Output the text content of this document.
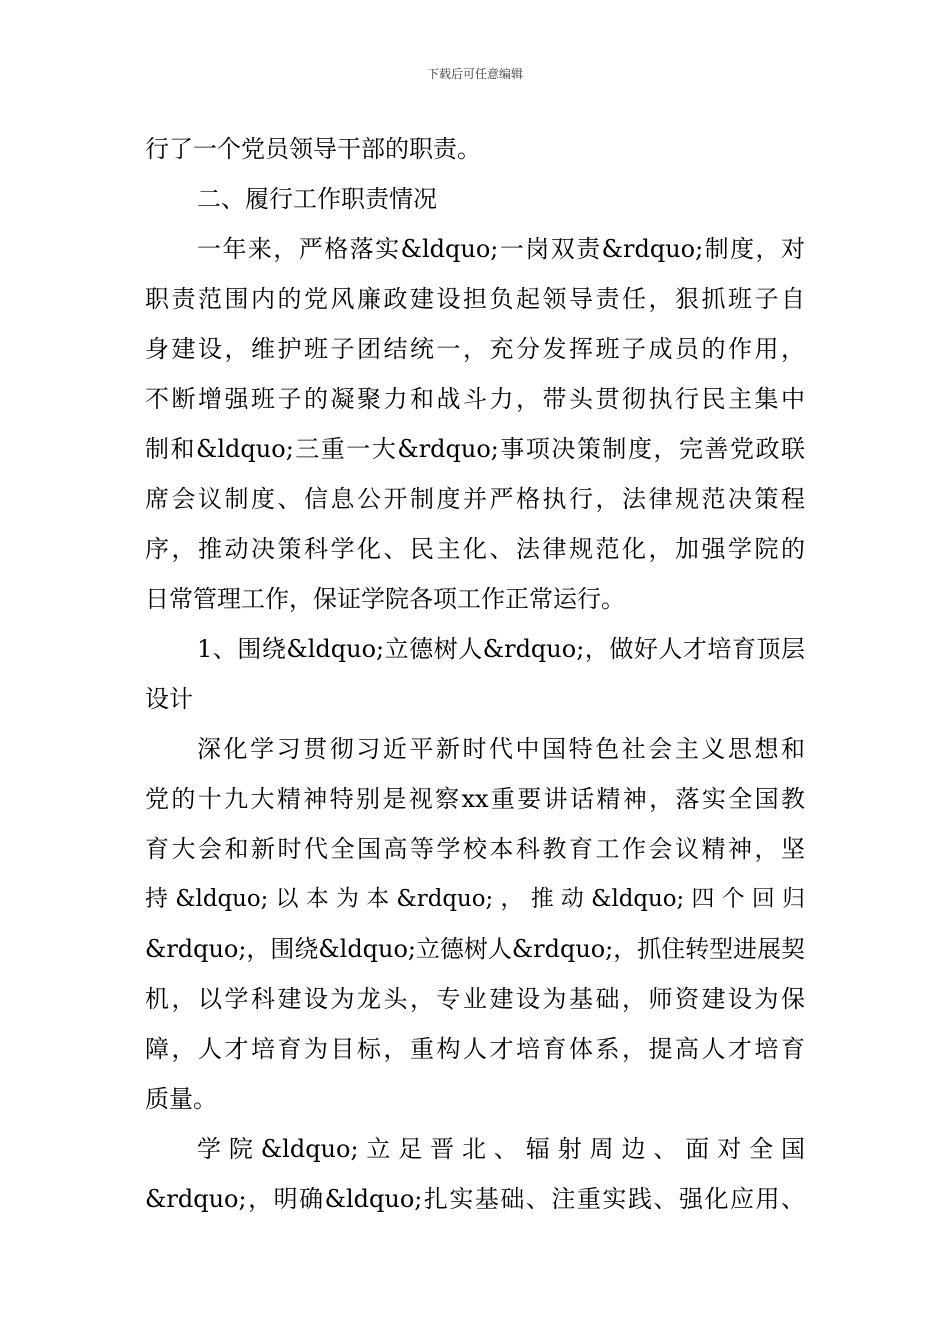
下载后可任意编辑
行了一个党员领导干部的职责。
二、履行工作职责情况
一年来，严格落实&ldquo;一岗双责&rdquo;制度，对
职责范围内的党风廉政建设担负起领导责任，狠抓班子自
身建设，维护班子团结统一，充分发挥班子成员的作用，
不断增强班子的凝聚力和战斗力，带头贯彻执行民主集中
制和&ldquo;三重一大&rdquo;事项决策制度，完善党政联
席会议制度、信息公开制度并严格执行，法律规范决策程
序，推动决策科学化、民主化、法律规范化，加强学院的
日常管理工作，保证学院各项工作正常运行。
1、围绕&ldquo;立德树人&rdquo;，做好人才培育顶层
设计
深化学习贯彻习近平新时代中国特色社会主义思想和
党的十九大精神特别是视察xx重要讲话精神，落实全国教
育大会和新时代全国高等学校本科教育工作会议精神，坚
持 &ldquo; 以 本 为 本 &rdquo; ， 推 动 &ldquo; 四 个 回 归
&rdquo;，围绕&ldquo;立德树人&rdquo;，抓住转型进展契
机，以学科建设为龙头，专业建设为基础，师资建设为保
障，人才培育为目标，重构人才培育体系，提高人才培育
质量。
学 院 &ldquo; 立 足 晋 北 、 辐 射 周 边 、 面 对 全 国
&rdquo;，明确&ldquo;扎实基础、注重实践、强化应用、
